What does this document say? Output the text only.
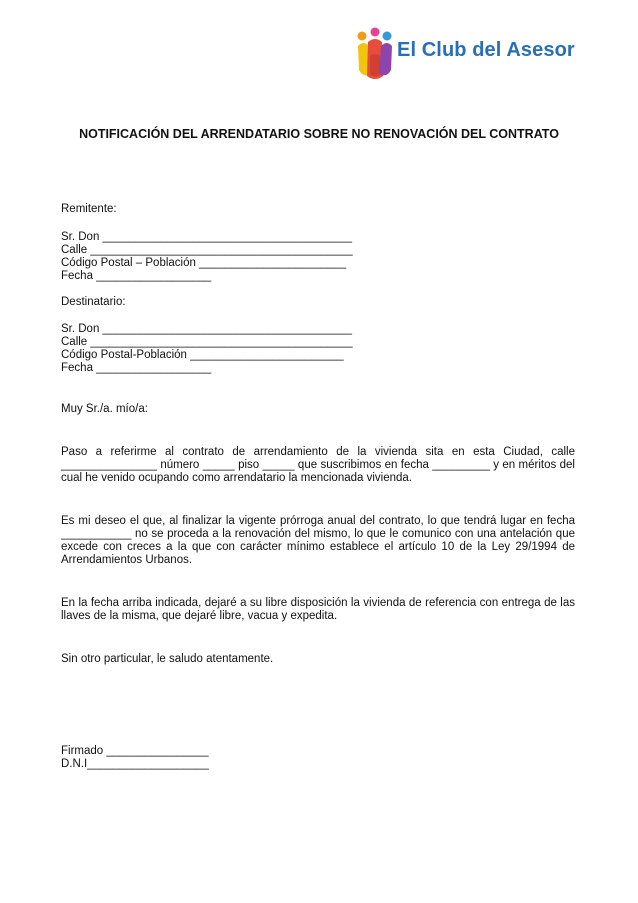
El Club del Asesor
NOTIFICACIÓN DEL ARRENDATARIO SOBRE NO RENOVACIÓN DEL CONTRATO
Remitente:
Sr. Don _______________________________________
Calle _________________________________________
Código Postal – Población _______________________
Fecha __________________
Destinatario:
Sr. Don _______________________________________
Calle _________________________________________
Código Postal-Población ________________________
Fecha __________________
Muy Sr./a. mío/a:
Paso a referirme al contrato de arrendamiento de la vivienda sita en esta Ciudad, calle _______________ número _____ piso _____ que suscribimos en fecha _________ y en méritos del cual he venido ocupando como arrendatario la mencionada vivienda.
Es mi deseo el que, al finalizar la vigente prórroga anual del contrato, lo que tendrá lugar en fecha ___________ no se proceda a la renovación del mismo, lo que le comunico con una antelación que excede con creces a la que con carácter mínimo establece el artículo 10 de la Ley 29/1994 de Arrendamientos Urbanos.
En la fecha arriba indicada, dejaré a su libre disposición la vivienda de referencia con entrega de las llaves de la misma, que dejaré libre, vacua y expedita.
Sin otro particular, le saludo atentamente.
Firmado ________________
D.N.I___________________
